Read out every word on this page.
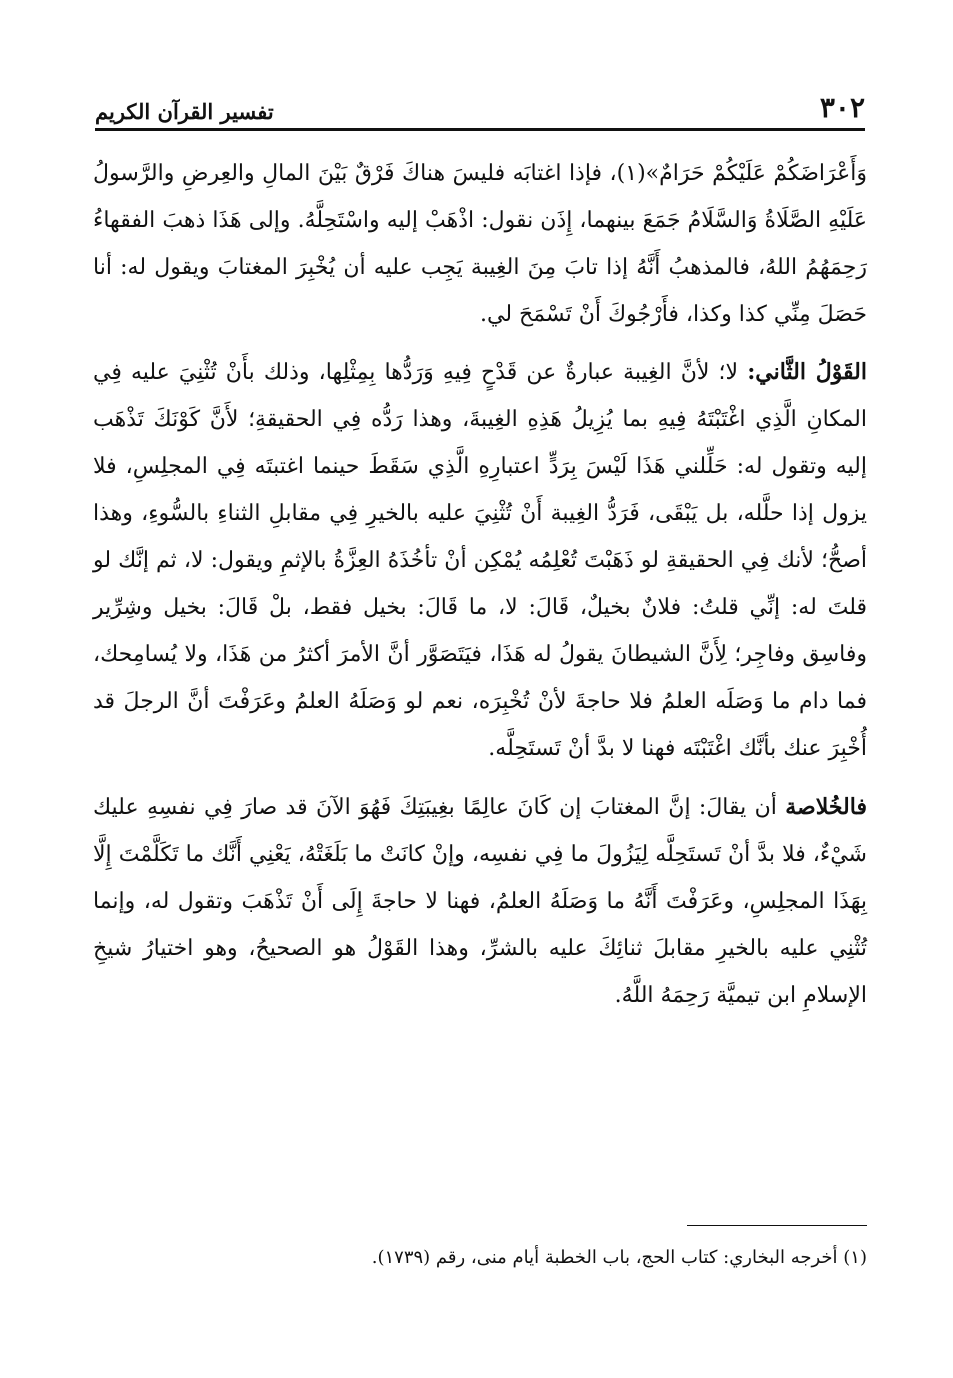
٣٠٢
تفسير القرآن الكريم

وَأَعْرَاضَكُمْ عَلَيْكُمْ حَرَامٌ»(١)، فإذا اغتابَه فليسَ هناكَ فَرْقٌ بَيْنَ المالِ والعِرضِ والرَّسولُ عَلَيْهِ الصَّلَاةُ وَالسَّلَامُ جَمَعَ بينهما، إِذَن نقول: اذْهَبْ إليه واسْتَحِلَّهُ. وإلى هَذَا ذهبَ الفقهاءُ رَحِمَهُمُ اللهُ، فالمذهبُ أَنَّهُ إذا تابَ مِنَ الغِيبة يَجِب عليه أن يُخْبِرَ المغتابَ ويقول له: أنا حَصَلَ مِنِّي كذا وكذا، فأَرْجُوكَ أَنْ تَسْمَحَ لي.

القَوْلُ الثَّاني: لا؛ لأنَّ الغِيبة عبارةٌ عن قَدْحٍ فِيهِ وَرَدُّها بِمِثْلِها، وذلك بأَنْ تُثْنِيَ عليه فِي المكانِ الَّذِي اغْتَبْتَهُ فِيهِ بما يُزِيلُ هَذِهِ الغِيبةَ، وهذا رَدُّه فِي الحقيقةِ؛ لأَنَّ كَوْنَكَ تَذْهَب إليه وتقول له: حَلِّلني هَذَا لَيْسَ بِرَدٍّ اعتبارِهِ الَّذِي سَقَطَ حينما اغتبتَه فِي المجلِسِ، فلا يزول إذا حلَّله، بل يَبْقَى، فَرَدُّ الغِيبة أَنْ تُثْنِيَ عليه بالخيرِ فِي مقابلِ الثناءِ بالسُّوءِ، وهذا أصحُّ؛ لأنك فِي الحقيقةِ لو ذَهَبْتَ تُعْلِمُه يُمْكِن أنْ تأخُذَهُ العِزَّةُ بالإثمِ ويقول: لا، ثم إنَّك لو قلتَ له: إنِّي قلتُ: فلانٌ بخيلٌ، قَالَ: لا، ما قَالَ: بخيل فقط، بلْ قَالَ: بخيل وشِرِّير وفاسِق وفاجِر؛ لِأَنَّ الشيطانَ يقولُ له هَذَا، فيَتَصَوَّر أنَّ الأمرَ أكثرُ من هَذَا، ولا يُسامِحك، فما دام ما وَصَلَه العلمُ فلا حاجةَ لأنْ تُخْبِرَه، نعم لو وَصَلَهُ العلمُ وعَرَفْتَ أنَّ الرجلَ قد أُخْبِرَ عنك بأنَّك اغْتَبْتَه فهنا لا بدَّ أنْ تَستَحِلَّه.

فالخُلاصة أن يقالَ: إنَّ المغتابَ إن كَانَ عالِمًا بغِيبَتِكَ فَهُوَ الآنَ قد صارَ فِي نفسِهِ عليك شَيْءٌ، فلا بدَّ أنْ تَستَحِلَّه لِيَزُولَ ما فِي نفسِه، وإنْ كانَتْ ما بَلَغَتْهُ، يَعْنِي أَنَّك ما تَكَلَّمْتَ إِلَّا بِهَذَا المجلِسِ، وعَرَفْتَ أَنَّهُ ما وَصَلَهُ العلمُ، فهنا لا حاجةَ إِلَى أَنْ تَذْهَبَ وتقول له، وإنما تُثْنِي عليه بالخيرِ مقابلَ ثنائِكَ عليه بالشرِّ، وهذا القَوْلُ هو الصحيحُ، وهو اختيارُ شيخِ الإسلامِ ابن تيميَّة رَحِمَهُ اللَّهُ.

(١) أخرجه البخاري: كتاب الحج، باب الخطبة أيام منى، رقم (١٧٣٩).
